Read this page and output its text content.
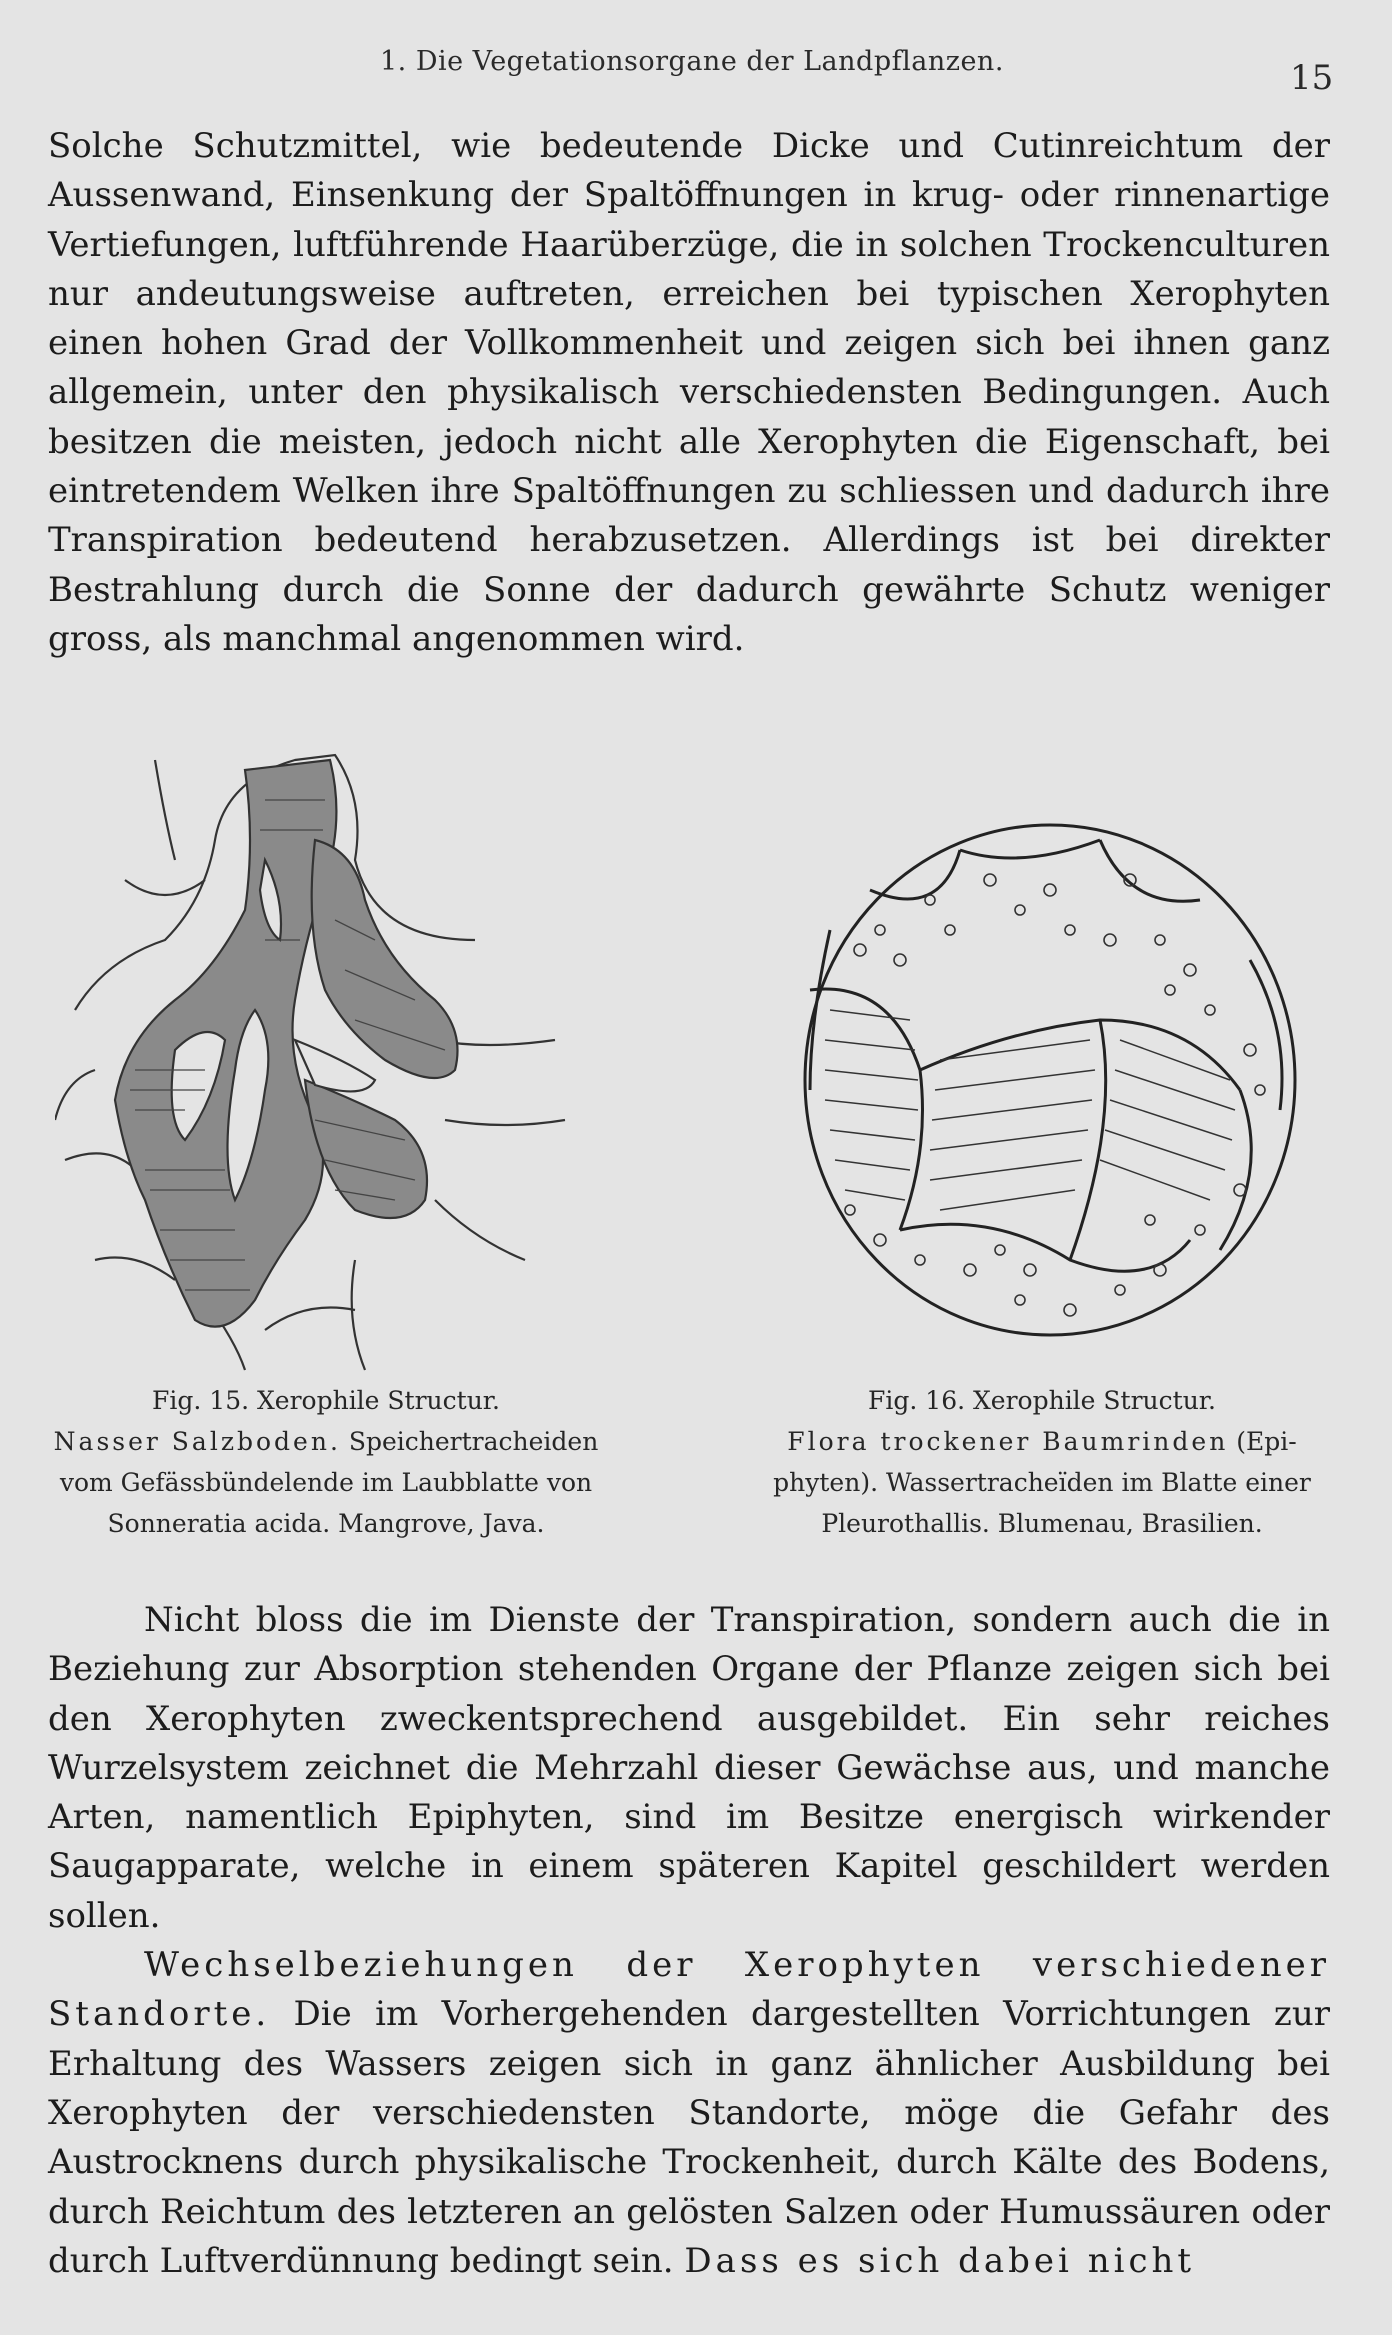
1. Die Vegetationsorgane der Landpflanzen.	15

Solche Schutzmittel, wie bedeutende Dicke und Cutinreichtum der Aussenwand, Einsenkung der Spaltöffnungen in krug- oder rinnenartige Vertiefungen, luftführende Haarüberzüge, die in solchen Trockenculturen nur andeutungsweise auftreten, erreichen bei typischen Xerophyten einen hohen Grad der Vollkommenheit und zeigen sich bei ihnen ganz allgemein, unter den physikalisch verschiedensten Bedingungen. Auch besitzen die meisten, jedoch nicht alle Xerophyten die Eigenschaft, bei eintretendem Welken ihre Spaltöffnungen zu schliessen und dadurch ihre Transpiration bedeutend herabzusetzen. Allerdings ist bei direkter Bestrahlung durch die Sonne der dadurch gewährte Schutz weniger gross, als manchmal angenommen wird.

Fig. 15. Xerophile Structur.
Nasser Salzboden. Speichertracheiden
vom Gefässbündelende im Laubblatte von
Sonneratia acida. Mangrove, Java.
Fig. 16. Xerophile Structur.
Flora trockener Baumrinden (Epi-
phyten). Wassertracheïden im Blatte einer
Pleurothallis. Blumenau, Brasilien.

Nicht bloss die im Dienste der Transpiration, sondern auch die in Beziehung zur Absorption stehenden Organe der Pflanze zeigen sich bei den Xerophyten zweckentsprechend ausgebildet. Ein sehr reiches Wurzelsystem zeichnet die Mehrzahl dieser Gewächse aus, und manche Arten, namentlich Epiphyten, sind im Besitze energisch wirkender Saugapparate, welche in einem späteren Kapitel geschildert werden sollen.

Wechselbeziehungen der Xerophyten verschiedener Standorte. Die im Vorhergehenden dargestellten Vorrichtungen zur Erhaltung des Wassers zeigen sich in ganz ähnlicher Ausbildung bei Xerophyten der verschiedensten Standorte, möge die Gefahr des Austrocknens durch physikalische Trockenheit, durch Kälte des Bodens, durch Reichtum des letzteren an gelösten Salzen oder Humussäuren oder durch Luftverdünnung bedingt sein. Dass es sich dabei nicht
